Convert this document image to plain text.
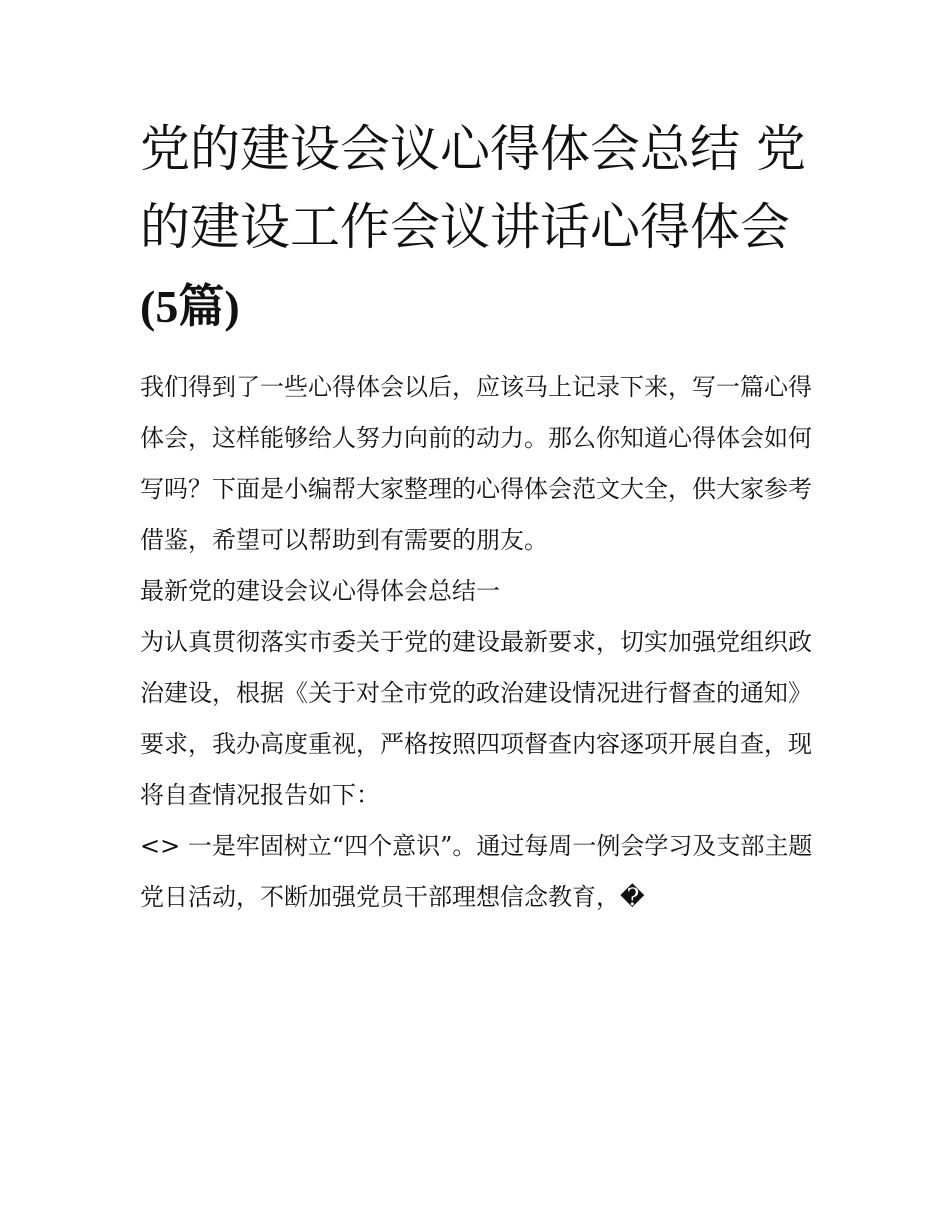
党的建设会议心得体会总结 党的建设工作会议讲话心得体会
(5篇)

我们得到了一些心得体会以后，应该马上记录下来，写一篇心得体会，这样能够给人努力向前的动力。那么你知道心得体会如何写吗？下面是小编帮大家整理的心得体会范文大全，供大家参考借鉴，希望可以帮助到有需要的朋友。

最新党的建设会议心得体会总结一

为认真贯彻落实市委关于党的建设最新要求，切实加强党组织政治建设，根据《关于对全市党的政治建设情况进行督查的通知》要求，我办高度重视，严格按照四项督查内容逐项开展自查，现将自查情况报告如下：

<> 一是牢固树立“四个意识”。通过每周一例会学习及支部主题党日活动，不断加强党员干部理想信念教育，�
